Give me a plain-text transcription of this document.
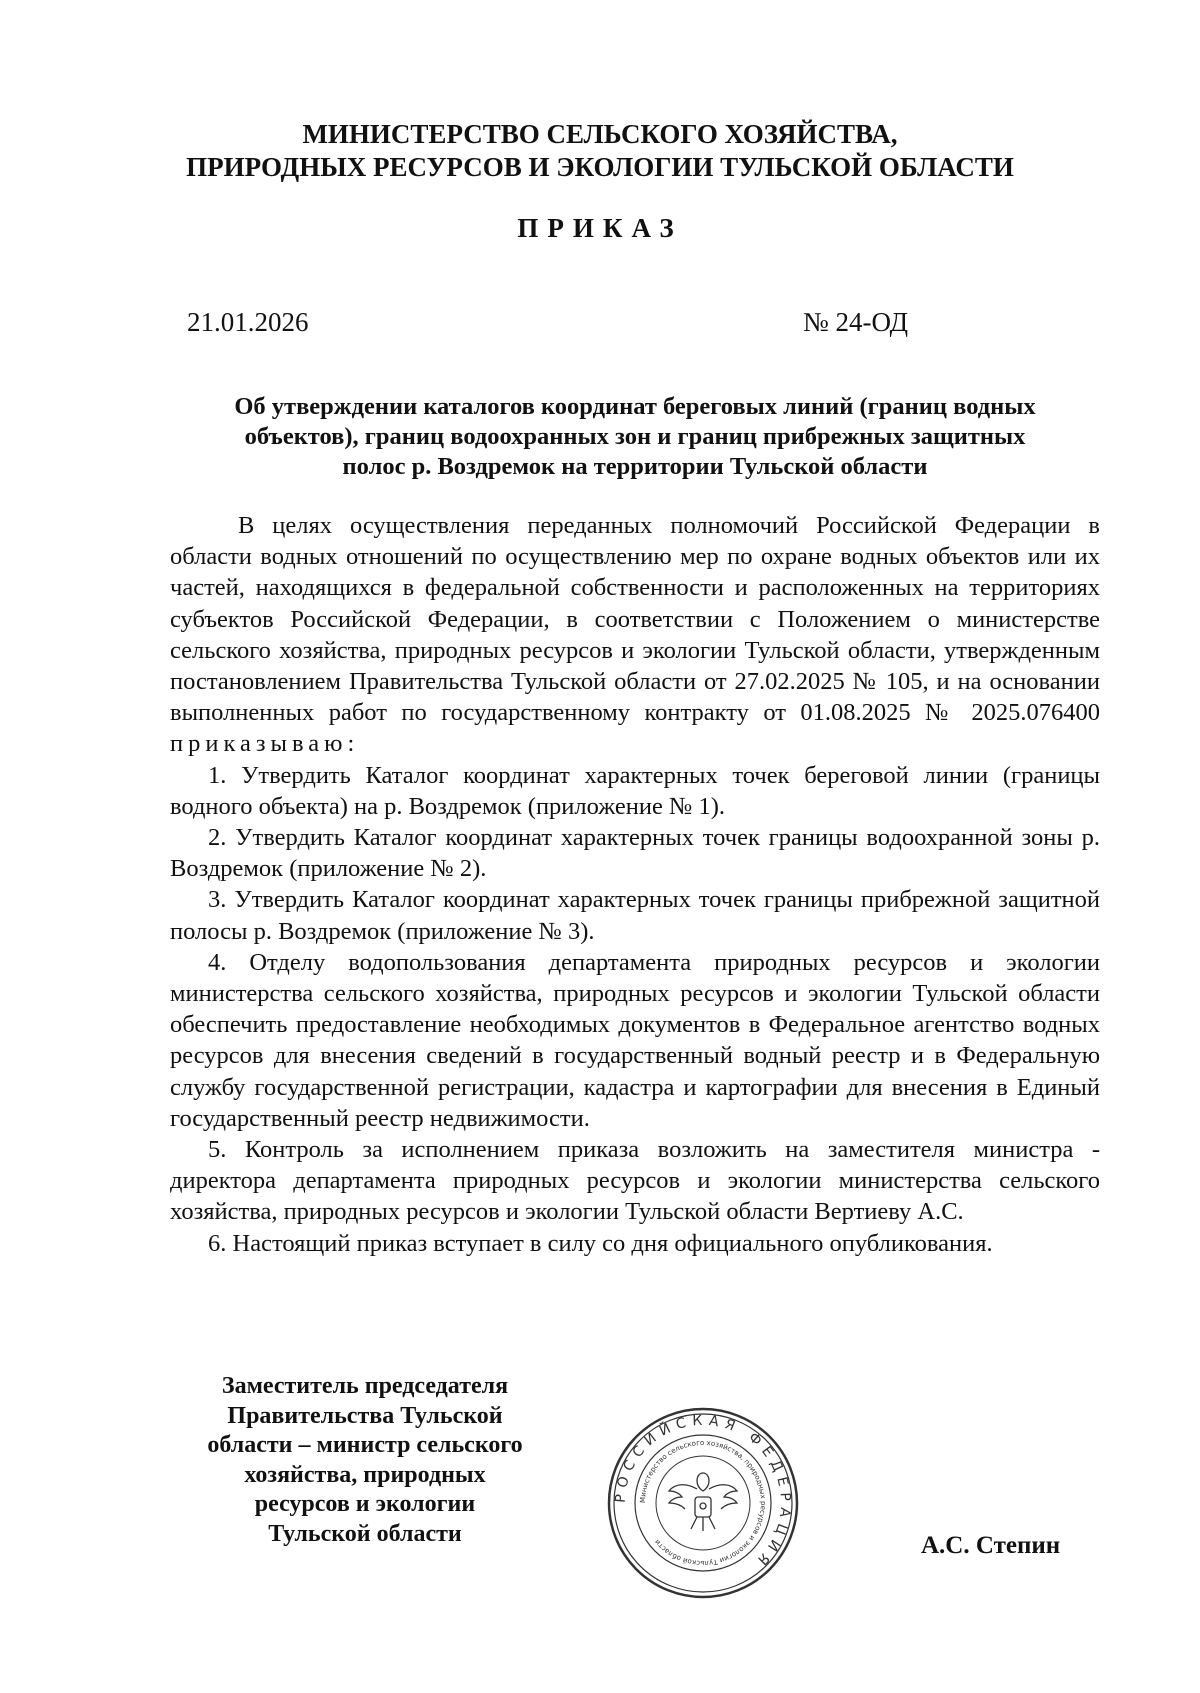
МИНИСТЕРСТВО СЕЛЬСКОГО ХОЗЯЙСТВА,
ПРИРОДНЫХ РЕСУРСОВ И ЭКОЛОГИИ ТУЛЬСКОЙ ОБЛАСТИ
ПРИКАЗ
21.01.2026	№ 24-ОД
Об утверждении каталогов координат береговых линий (границ водных
объектов), границ водоохранных зон и границ прибрежных защитных
полос р. Воздремок на территории Тульской области

В целях осуществления переданных полномочий Российской Федерации в области водных отношений по осуществлению мер по охране водных объектов или их частей, находящихся в федеральной собственности и расположенных на территориях субъектов Российской Федерации, в соответствии с Положением о министерстве сельского хозяйства, природных ресурсов и экологии Тульской области, утвержденным постановлением Правительства Тульской области от 27.02.2025 № 105, и на основании выполненных работ по государственному контракту от 01.08.2025 № 2025.076400 приказываю:

1. Утвердить Каталог координат характерных точек береговой линии (границы водного объекта) на р. Воздремок (приложение № 1).

2. Утвердить Каталог координат характерных точек границы водоохранной зоны р. Воздремок (приложение № 2).

3. Утвердить Каталог координат характерных точек границы прибрежной защитной полосы р. Воздремок (приложение № 3).

4. Отделу водопользования департамента природных ресурсов и экологии министерства сельского хозяйства, природных ресурсов и экологии Тульской области обеспечить предоставление необходимых документов в Федеральное агентство водных ресурсов для внесения сведений в государственный водный реестр и в Федеральную службу государственной регистрации, кадастра и картографии для внесения в Единый государственный реестр недвижимости.

5. Контроль за исполнением приказа возложить на заместителя министра - директора департамента природных ресурсов и экологии министерства сельского хозяйства, природных ресурсов и экологии Тульской области Вертиеву А.С.

6. Настоящий приказ вступает в силу со дня официального опубликования.

Заместитель председателя
Правительства Тульской
области – министр сельского
хозяйства, природных
ресурсов и экологии
Тульской области
РОССИЙСКАЯ ФЕДЕРАЦИЯ
Министерство сельского хозяйства, природных ресурсов и экологии Тульской области	А.С. Степин
